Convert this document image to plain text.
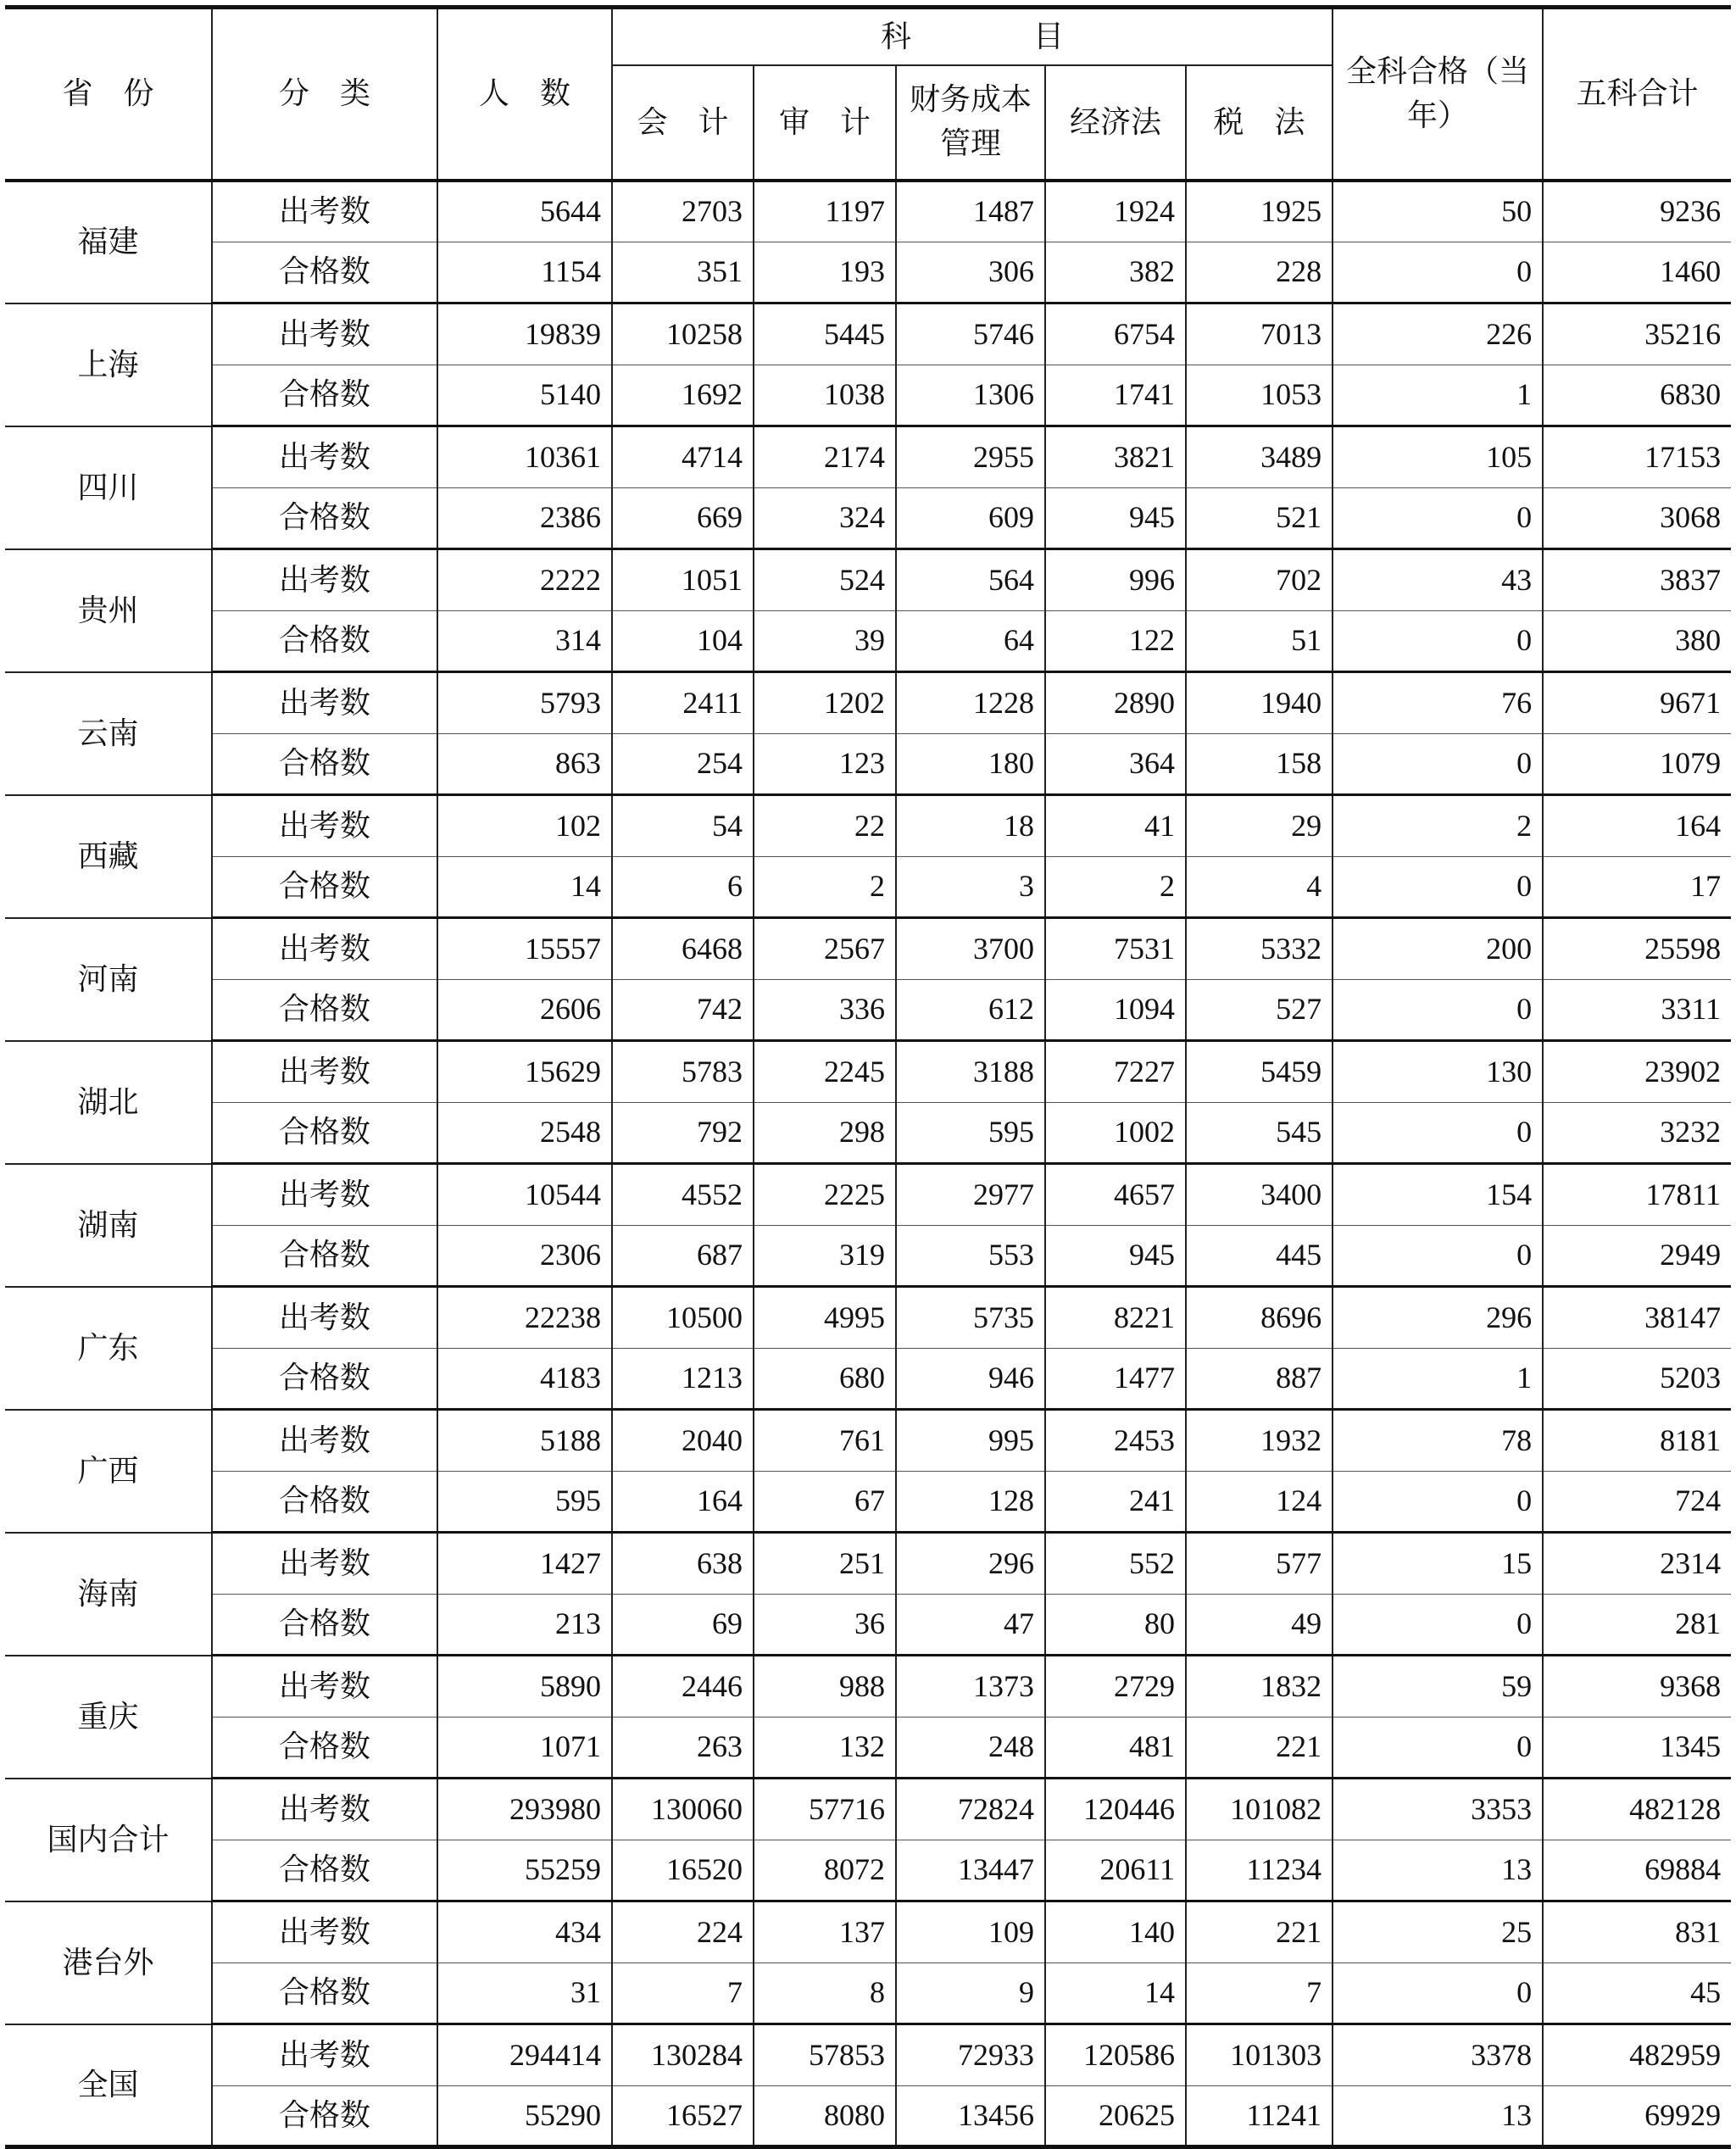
省　份	分　类	人　数	科　　　　目					全科合格（当年）	五科合计
			会　计	审　计	财务成本管理	经济法	税　法		
福建	出考数	5644	2703	1197	1487	1924	1925	50	9236
	合格数	1154	351	193	306	382	228	0	1460
上海	出考数	19839	10258	5445	5746	6754	7013	226	35216
	合格数	5140	1692	1038	1306	1741	1053	1	6830
四川	出考数	10361	4714	2174	2955	3821	3489	105	17153
	合格数	2386	669	324	609	945	521	0	3068
贵州	出考数	2222	1051	524	564	996	702	43	3837
	合格数	314	104	39	64	122	51	0	380
云南	出考数	5793	2411	1202	1228	2890	1940	76	9671
	合格数	863	254	123	180	364	158	0	1079
西藏	出考数	102	54	22	18	41	29	2	164
	合格数	14	6	2	3	2	4	0	17
河南	出考数	15557	6468	2567	3700	7531	5332	200	25598
	合格数	2606	742	336	612	1094	527	0	3311
湖北	出考数	15629	5783	2245	3188	7227	5459	130	23902
	合格数	2548	792	298	595	1002	545	0	3232
湖南	出考数	10544	4552	2225	2977	4657	3400	154	17811
	合格数	2306	687	319	553	945	445	0	2949
广东	出考数	22238	10500	4995	5735	8221	8696	296	38147
	合格数	4183	1213	680	946	1477	887	1	5203
广西	出考数	5188	2040	761	995	2453	1932	78	8181
	合格数	595	164	67	128	241	124	0	724
海南	出考数	1427	638	251	296	552	577	15	2314
	合格数	213	69	36	47	80	49	0	281
重庆	出考数	5890	2446	988	1373	2729	1832	59	9368
	合格数	1071	263	132	248	481	221	0	1345
国内合计	出考数	293980	130060	57716	72824	120446	101082	3353	482128
	合格数	55259	16520	8072	13447	20611	11234	13	69884
港台外	出考数	434	224	137	109	140	221	25	831
	合格数	31	7	8	9	14	7	0	45
全国	出考数	294414	130284	57853	72933	120586	101303	3378	482959
	合格数	55290	16527	8080	13456	20625	11241	13	69929
